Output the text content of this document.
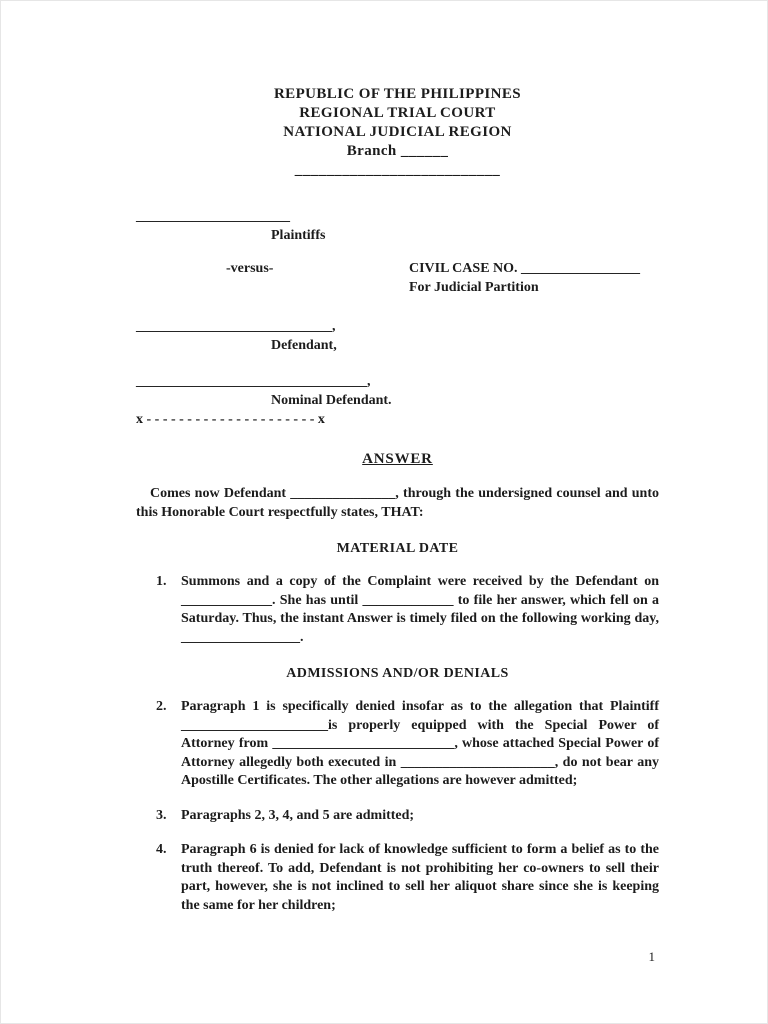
REPUBLIC OF THE PHILIPPINES
REGIONAL TRIAL COURT
NATIONAL JUDICIAL REGION
Branch ______
__________________________
______________________
Plaintiffs
-versus-	CIVIL CASE NO. _________________
For Judicial Partition
____________________________,
Defendant,
_________________________________,
Nominal Defendant.
x - - - - - - - - - - - - - - - - - - - - - x
ANSWER
Comes now Defendant _______________, through the undersigned counsel and unto this Honorable Court respectfully states, THAT:
MATERIAL DATE
1.	Summons and a copy of the Complaint were received by the Defendant on _____________. She has until _____________ to file her answer, which fell on a Saturday. Thus, the instant Answer is timely filed on the following working day, _________________.
ADMISSIONS AND/OR DENIALS
2.	Paragraph 1 is specifically denied insofar as to the allegation that Plaintiff _____________________is properly equipped with the Special Power of Attorney from __________________________, whose attached Special Power of Attorney allegedly both executed in ______________________, do not bear any Apostille Certificates. The other allegations are however admitted;
3.	Paragraphs 2, 3, 4, and 5 are admitted;
4.	Paragraph 6 is denied for lack of knowledge sufficient to form a belief as to the truth thereof. To add, Defendant is not prohibiting her co-owners to sell their part, however, she is not inclined to sell her aliquot share since she is keeping the same for her children;
1
